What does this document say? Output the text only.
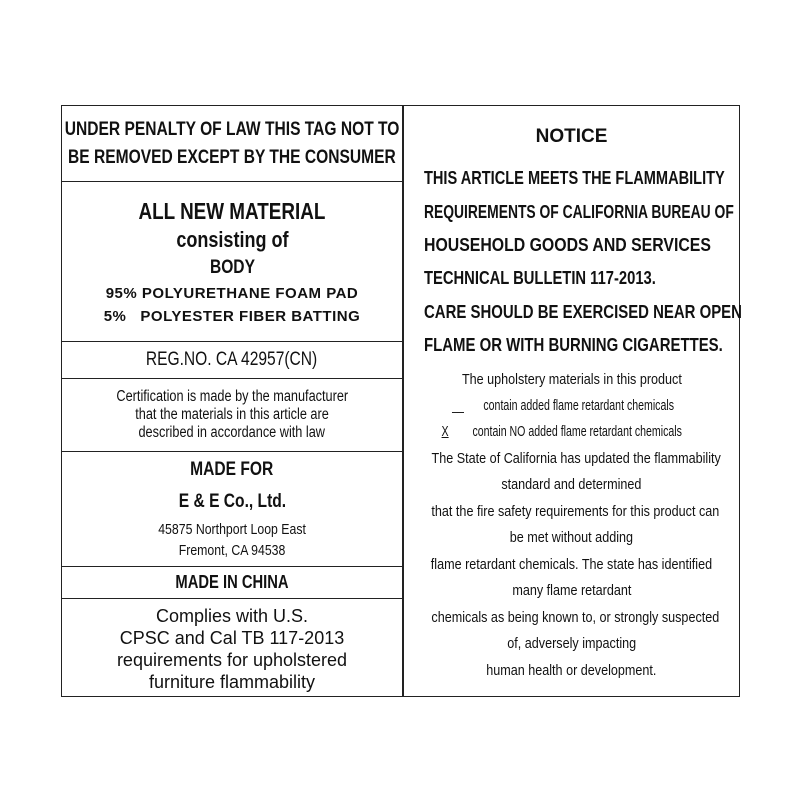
UNDER PENALTY OF LAW THIS TAG NOT TO
BE REMOVED EXCEPT BY THE CONSUMER
ALL NEW MATERIAL
consisting of
BODY
95% POLYURETHANE FOAM PAD
5%   POLYESTER FIBER BATTING
REG.NO. CA 42957(CN)
Certification is made by the manufacturer
that the materials in this article are
described in accordance with law
MADE FOR
E & E Co., Ltd.
45875 Northport Loop East
Fremont, CA 94538
MADE IN CHINA
Complies with U.S.
CPSC and Cal TB 117-2013
requirements for upholstered
furniture flammability
NOTICE
THIS ARTICLE MEETS THE FLAMMABILITY
REQUIREMENTS OF CALIFORNIA BUREAU OF
HOUSEHOLD GOODS AND SERVICES
TECHNICAL BULLETIN 117-2013.
CARE SHOULD BE EXERCISED NEAR OPEN
FLAME OR WITH BURNING CIGARETTES.
The upholstery materials in this product
__ contain added flame retardant chemicals
X contain NO added flame retardant chemicals
The State of California has updated the flammability
standard and determined
that the fire safety requirements for this product can
be met without adding
flame retardant chemicals. The state has identified
many flame retardant
chemicals as being known to, or strongly suspected
of, adversely impacting
human health or development.
